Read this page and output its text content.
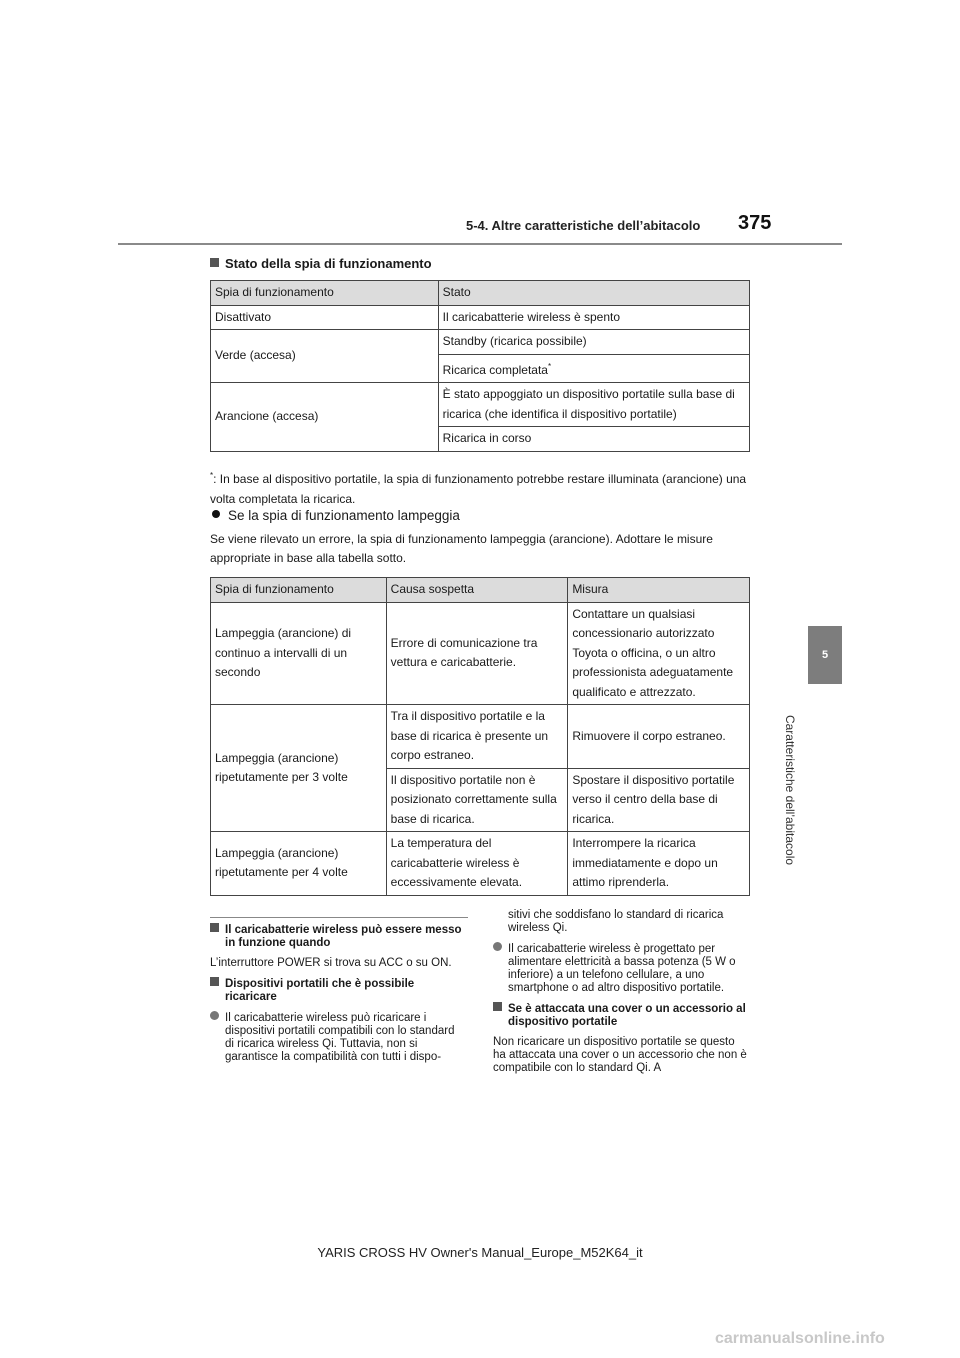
5-4. Altre caratteristiche dell’abitacolo 375
5
Caratteristiche dell’abitacolo
Stato della spia di funzionamento
Spia di funzionamento	Stato
Disattivato	Il caricabatterie wireless è spento
Verde (accesa)	Standby (ricarica possibile)
	Ricarica completata*
Arancione (accesa)	È stato appoggiato un dispositivo portatile sulla base di ricarica (che identifica il dispositivo portatile)
	Ricarica in corso
*: In base al dispositivo portatile, la spia di funzionamento potrebbe restare illuminata (arancione) una volta completata la ricarica.
Se la spia di funzionamento lampeggia
Se viene rilevato un errore, la spia di funzionamento lampeggia (arancione). Adottare le misure appropriate in base alla tabella sotto.
Spia di funzionamento	Causa sospetta	Misura
Lampeggia (arancione) di continuo a intervalli di un secondo	Errore di comunicazione tra vettura e caricabatterie.	Contattare un qualsiasi concessionario autorizzato Toyota o officina, o un altro professionista adeguatamente qualificato e attrezzato.
Lampeggia (arancione) ripetutamente per 3 volte	Tra il dispositivo portatile e la base di ricarica è presente un corpo estraneo.	Rimuovere il corpo estraneo.
	Il dispositivo portatile non è posizionato correttamente sulla base di ricarica.	Spostare il dispositivo portatile verso il centro della base di ricarica.
Lampeggia (arancione) ripetutamente per 4 volte	La temperatura del caricabatterie wireless è eccessivamente elevata.	Interrompere la ricarica immediatamente e dopo un attimo riprenderla.

Il caricabatterie wireless può essere messo in funzione quando

L’interruttore POWER si trova su ACC o su ON.

Dispositivi portatili che è possibile ricaricare

Il caricabatterie wireless può ricaricare i dispositivi portatili compatibili con lo standard di ricarica wireless Qi. Tuttavia, non si garantisce la compatibilità con tutti i dispo-

sitivi che soddisfano lo standard di ricarica wireless Qi.

Il caricabatterie wireless è progettato per alimentare elettricità a bassa potenza (5 W o inferiore) a un telefono cellulare, a uno smartphone o ad altro dispositivo portatile.

Se è attaccata una cover o un accessorio al dispositivo portatile

Non ricaricare un dispositivo portatile se questo ha attaccata una cover o un accessorio che non è compatibile con lo standard Qi. A

YARIS CROSS HV Owner's Manual_Europe_M52K64_it
carmanualsonline.info
